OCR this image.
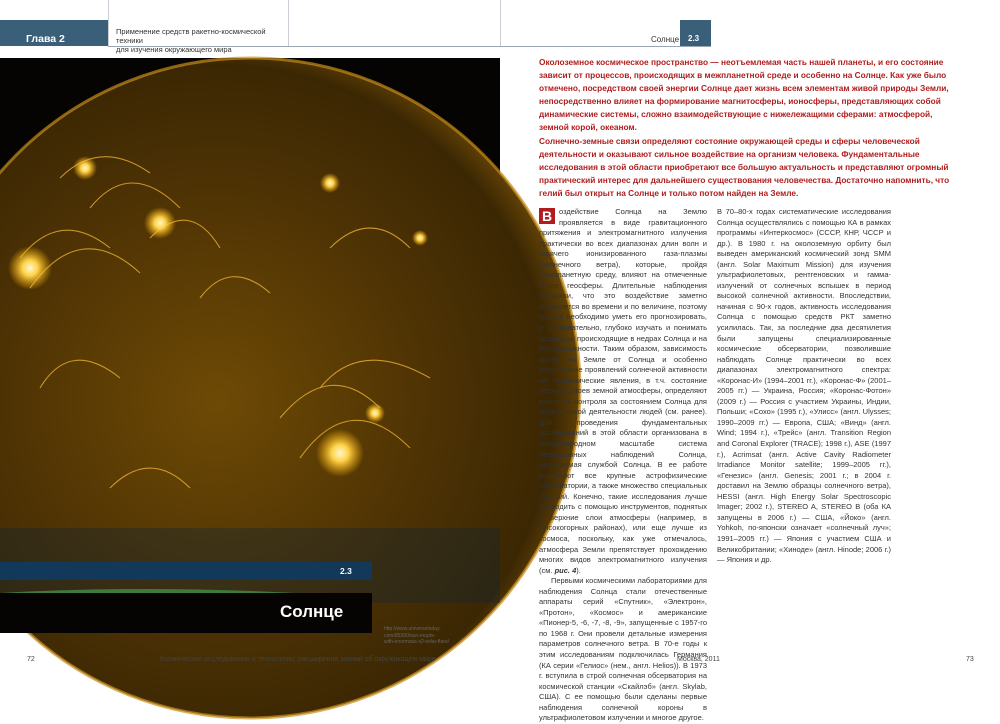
Глава 2
Применение средств ракетно-космической техники
для изучения окружающего мира
Солнце 2.3
2.3
Солнце
http://www.universetoday.
com/85390/sun-erupts-
with-enormous-x2-solar-flare/

Околоземное космическое пространство — неотъемлемая часть нашей планеты, и его состояние зависит от процессов, происходящих в межпланетной среде и особенно на Солнце. Как уже было отмечено, посредством своей энергии Солнце дает жизнь всем элементам живой природы Земли, непосредственно влияет на формирование магнитосферы, ионосферы, представляющих собой динамические системы, сложно взаимодействующие с нижележащими сферами: атмосферой, земной корой, океаном.

Солнечно-земные связи определяют состояние окружающей среды и сферы человеческой деятельности и оказывают сильное воздействие на организм человека. Фундаментальные исследования в этой области приобретают все большую актуальность и представляют огромный практический интерес для дальнейшего существования человечества. Достаточно напомнить, что гелий был открыт на Солнце и только потом найден на Земле.

В оздействие Солнца на Землю проявляется в виде гравитационного притяжения и электромагнитного излучения практически во всех диапазонах длин волн и горячего ионизированного газа-плазмы (солнечного ветра), которые, пройдя межпланетную среду, влияют на отмеченные выше геосферы. Длительные наблюдения показали, что это воздействие заметно изменяется во времени и по величине, поэтому крайне необходимо уметь его прогнозировать, а следовательно, глубоко изучать и понимать процессы, происходящие в недрах Солнца и на его поверхности. Таким образом, зависимость жизни на Земле от Солнца и особенно воздействие проявлений солнечной активности на геофизические явления, в т.ч. состояние верхних слоев земной атмосферы, определяют важность контроля за состоянием Солнца для практической деятельности людей (см. ранее). Для проведения фундаментальных исследований в этой области организована в международном масштабе система непрерывных наблюдений Солнца, называемая службой Солнца. В ее работе участвуют все крупные астрофизические обсерватории, а также множество специальных станций. Конечно, такие исследования лучше проводить с помощью инструментов, поднятых в верхние слои атмосферы (например, в высокогорных районах), или еще лучше из космоса, поскольку, как уже отмечалось, атмосфера Земли препятствует прохождению многих видов электромагнитного излучения (см. рис. 4).

Первыми космическими лабораториями для наблюдения Солнца стали отечественные аппараты серий «Спутник», «Электрон», «Протон», «Космос» и американские «Пионер-5, -6, -7, -8, -9», запущенные с 1957-го по 1968 г. Они провели детальные измерения параметров солнечного ветра. В 70-е годы к этим исследованиям подключилась Германия (КА серии «Гелиос» (нем., англ. Helios)). В 1973 г. вступила в строй солнечная обсерватория на космической станции «Скайлэб» (англ. Skylab, США). С ее помощью были сделаны первые наблюдения солнечной короны в ультрафиолетовом излучении и многое другое.

В 70–80-х годах систематические исследования Солнца осуществлялись с помощью КА в рамках программы «Интеркосмос» (СССР, КНР, ЧССР и др.). В 1980 г. на околоземную орбиту был выведен американский космический зонд SMM (англ. Solar Maximum Mission) для изучения ультрафиолетовых, рентгеновских и гамма-излучений от солнечных вспышек в период высокой солнечной активности. Впоследствии, начиная с 90-х годов, активность исследования Солнца с помощью средств РКТ заметно усилилась. Так, за последние два десятилетия были запущены специализированные космические обсерватории, позволившие наблюдать Солнце практически во всех диапазонах электромагнитного спектра: «Коронас-И» (1994–2001 гг.), «Коронас-Ф» (2001–2005 гг.) — Украина, Россия; «Коронас-Фотон» (2009 г.) — Россия с участием Украины, Индии, Польши; «Сохо» (1995 г.), «Улисс» (англ. Ulysses; 1990–2009 гг.) — Европа, США; «Винд» (англ. Wind; 1994 г.), «Трейс» (англ. Transition Region and Coronal Explorer (TRACE); 1998 г.), ASE (1997 г.), Acrimsat (англ. Active Cavity Radiometer Irradiance Monitor satellite; 1999–2005 гг.), «Генезис» (англ. Genesis; 2001 г.; в 2004 г. доставил на Землю образцы солнечного ветра), HESSI (англ. High Energy Solar Spectroscopic Imager; 2002 г.), STEREO A, STEREO B (оба КА запущены в 2006 г.) — США, «Йоко» (англ. Yohkoh, по-японски означает «солнечный луч»; 1991–2005 гг.) — Япония с участием США и Великобритании; «Хиноде» (англ. Hinode; 2006 г.) — Япония и др.

72	Космические исследования и технологии: расширение знаний об окружающем мире	Москва, 2011	73
